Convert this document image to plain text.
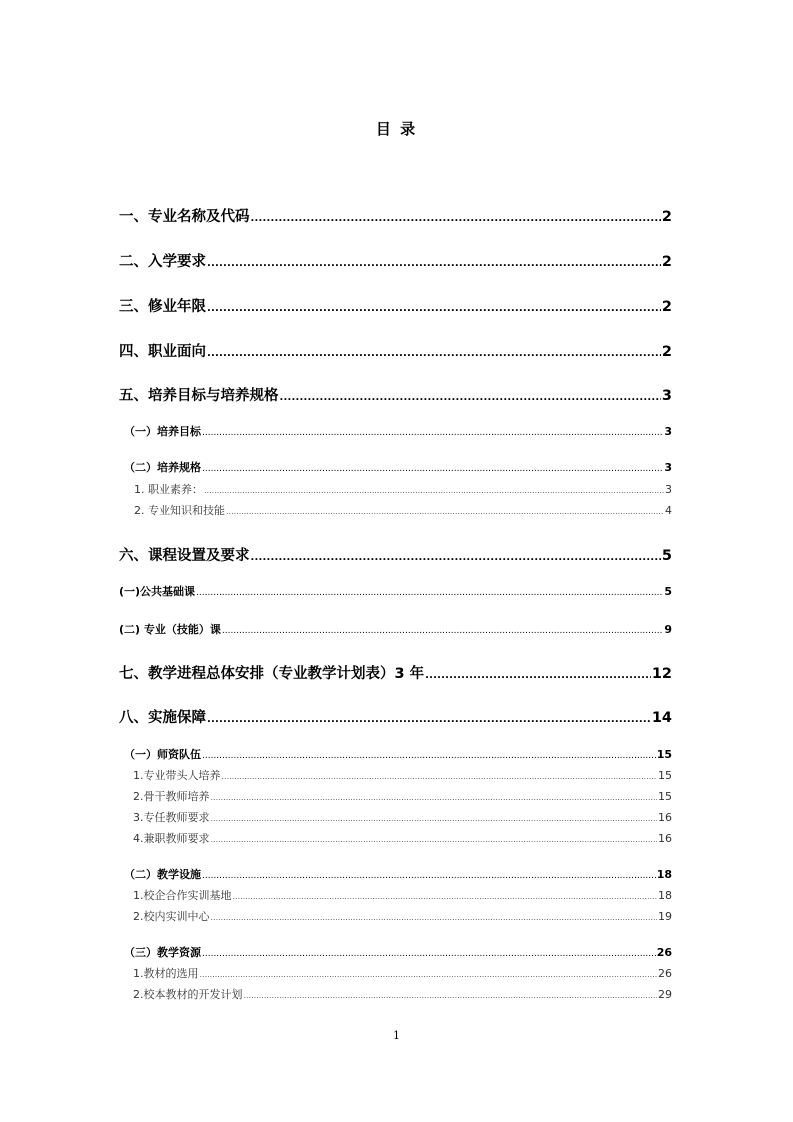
目 录
一、专业名称及代码 .....	2
二、入学要求 .....	2
三、修业年限 .....	2
四、职业面向 .....	2
五、培养目标与培养规格 .....	3
（一）培养目标 .....	3
（二）培养规格 .....	3
1. 职业素养： .....	3
2. 专业知识和技能 .....	4
六、课程设置及要求 .....	5
(一)公共基础课 .....	5
(二) 专业（技能）课 .....	9
七、教学进程总体安排（专业教学计划表）3 年 .....	12
八、实施保障 .....	14
（一）师资队伍 .....	15
1.专业带头人培养 .....	15
2.骨干教师培养 .....	15
3.专任教师要求 .....	16
4.兼职教师要求 .....	16
（二）教学设施 .....	18
1.校企合作实训基地 .....	18
2.校内实训中心 .....	19
（三）教学资源 .....	26
1.教材的选用 .....	26
2.校本教材的开发计划 .....	29
1
